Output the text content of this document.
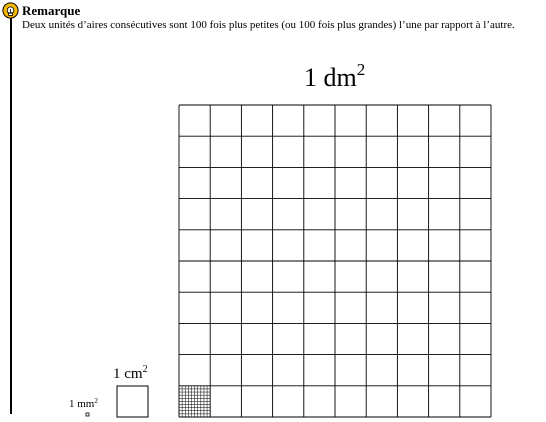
Remarque
Deux unités d’aires consécutives sont 100 fois plus petites (ou 100 fois plus grandes) l’une par rapport à l’autre.
1 $dm^2$
1 $cm^2$
1 $mm^2$
